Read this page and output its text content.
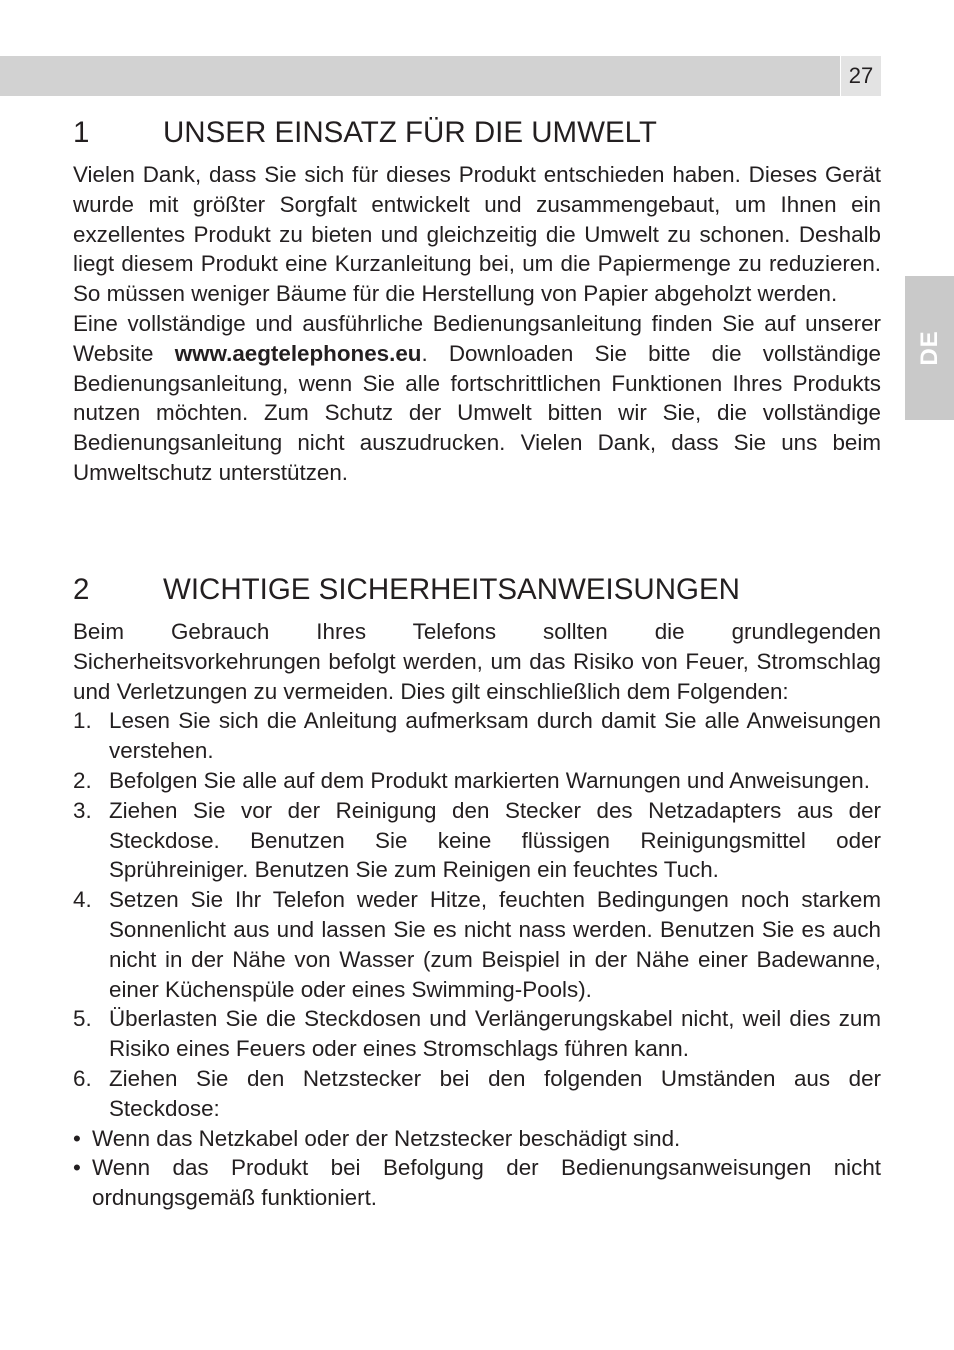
27
DE
1 UNSER EINSATZ FÜR DIE UMWELT

Vielen Dank, dass Sie sich für dieses Produkt entschieden haben. Dieses Gerät wurde mit größter Sorgfalt entwickelt und zusammengebaut, um Ihnen ein exzellentes Produkt zu bieten und gleichzeitig die Umwelt zu schonen. Deshalb liegt diesem Produkt eine Kurzanleitung bei, um die Papiermenge zu reduzieren. So müssen weniger Bäume für die Herstellung von Papier abgeholzt werden.

Eine vollständige und ausführliche Bedienungsanleitung finden Sie auf unserer Website www.aegtelephones.eu. Downloaden Sie bitte die vollständige Bedienungsanleitung, wenn Sie alle fortschrittlichen Funktionen Ihres Produkts nutzen möchten. Zum Schutz der Umwelt bitten wir Sie, die vollständige Bedienungsanleitung nicht auszudrucken. Vielen Dank, dass Sie uns beim Umweltschutz unterstützen.

2 WICHTIGE SICHERHEITSANWEISUNGEN

Beim Gebrauch Ihres Telefons sollten die grundlegenden Sicherheitsvorkehrungen befolgt werden, um das Risiko von Feuer, Stromschlag und Verletzungen zu vermeiden. Dies gilt einschließlich dem Folgenden:

1. Lesen Sie sich die Anleitung aufmerksam durch damit Sie alle Anweisungen verstehen.
2. Befolgen Sie alle auf dem Produkt markierten Warnungen und Anweisungen.
3. Ziehen Sie vor der Reinigung den Stecker des Netzadapters aus der Steckdose. Benutzen Sie keine flüssigen Reinigungsmittel oder Sprühreiniger. Benutzen Sie zum Reinigen ein feuchtes Tuch.
4. Setzen Sie Ihr Telefon weder Hitze, feuchten Bedingungen noch starkem Sonnenlicht aus und lassen Sie es nicht nass werden. Benutzen Sie es auch nicht in der Nähe von Wasser (zum Beispiel in der Nähe einer Badewanne, einer Küchenspüle oder eines Swimming-Pools).
5. Überlasten Sie die Steckdosen und Verlängerungskabel nicht, weil dies zum Risiko eines Feuers oder eines Stromschlags führen kann.
6. Ziehen Sie den Netzstecker bei den folgenden Umständen aus der Steckdose:
• Wenn das Netzkabel oder der Netzstecker beschädigt sind.
• Wenn das Produkt bei Befolgung der Bedienungsanweisungen nicht ordnungsgemäß funktioniert.
